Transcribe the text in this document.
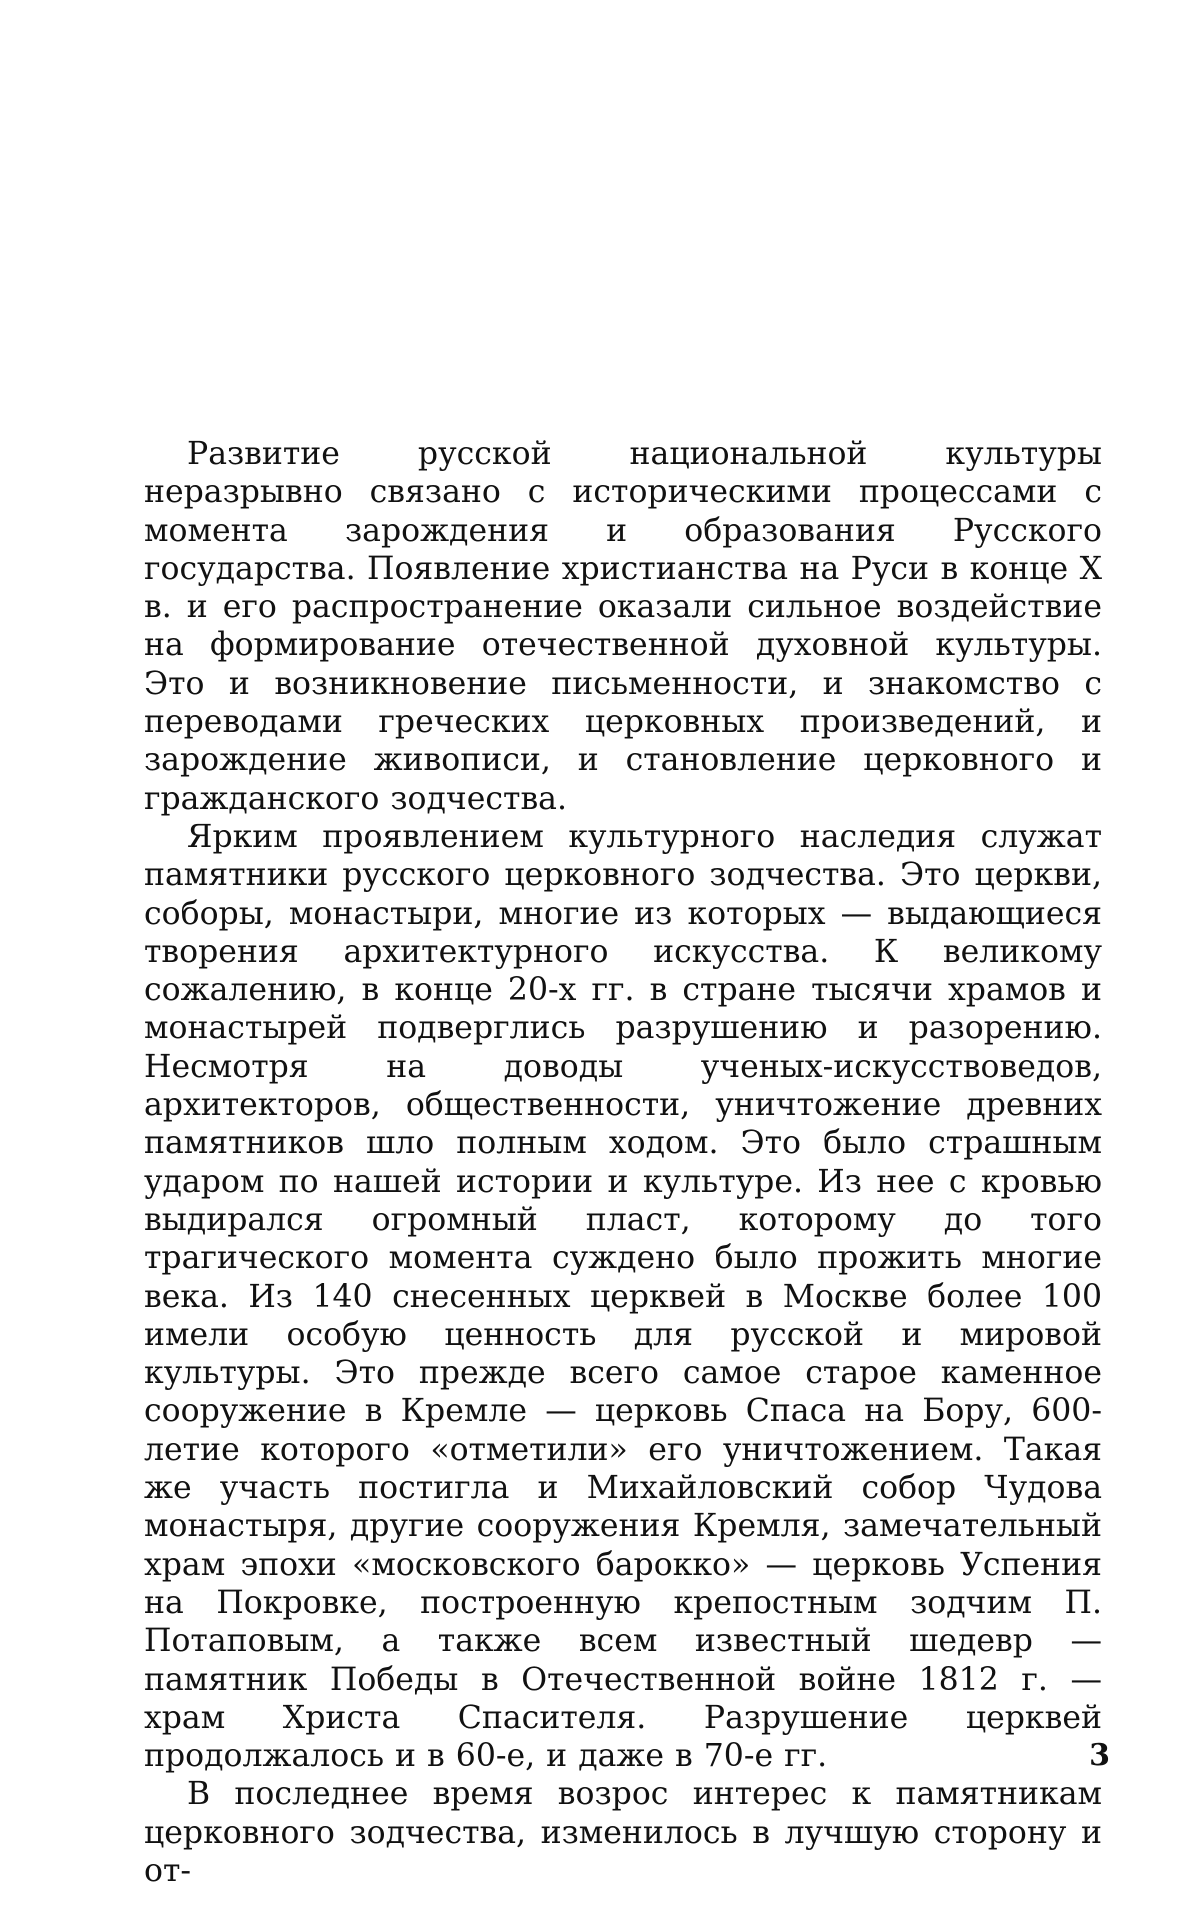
Развитие русской национальной культуры неразрывно связано с историческими процессами с момента зарождения и образования Русского государства. Появление христианства на Руси в конце X в. и его распространение оказали сильное воздействие на формирование отечественной духовной культуры. Это и возникновение письменности, и знакомство с переводами греческих церковных произведений, и зарождение живописи, и становление церковного и гражданского зодчества.

Ярким проявлением культурного наследия служат памятники русского церковного зодчества. Это церкви, соборы, монастыри, многие из которых — выдающиеся творения архитектурного искусства. К великому сожалению, в конце 20-х гг. в стране тысячи храмов и монастырей подверглись разрушению и разорению. Несмотря на доводы ученых-искусствоведов, архитекторов, общественности, уничтожение древних памятников шло полным ходом. Это было страшным ударом по нашей истории и культуре. Из нее с кровью выдирался огромный пласт, которому до того трагического момента суждено было прожить многие века. Из 140 снесенных церквей в Москве более 100 имели особую ценность для русской и мировой культуры. Это прежде всего самое старое каменное сооружение в Кремле — церковь Спаса на Бору, 600-летие которого «отметили» его уничтожением. Такая же участь постигла и Михайловский собор Чудова монастыря, другие сооружения Кремля, замечательный храм эпохи «московского барокко» — церковь Успения на Покровке, построенную крепостным зодчим П. Потаповым, а также всем известный шедевр — памятник Победы в Отечественной войне 1812 г. — храм Христа Спасителя. Разрушение церквей продолжалось и в 60-е, и даже в 70-е гг.

В последнее время возрос интерес к памятникам церковного зодчества, изменилось в лучшую сторону и от-

3
